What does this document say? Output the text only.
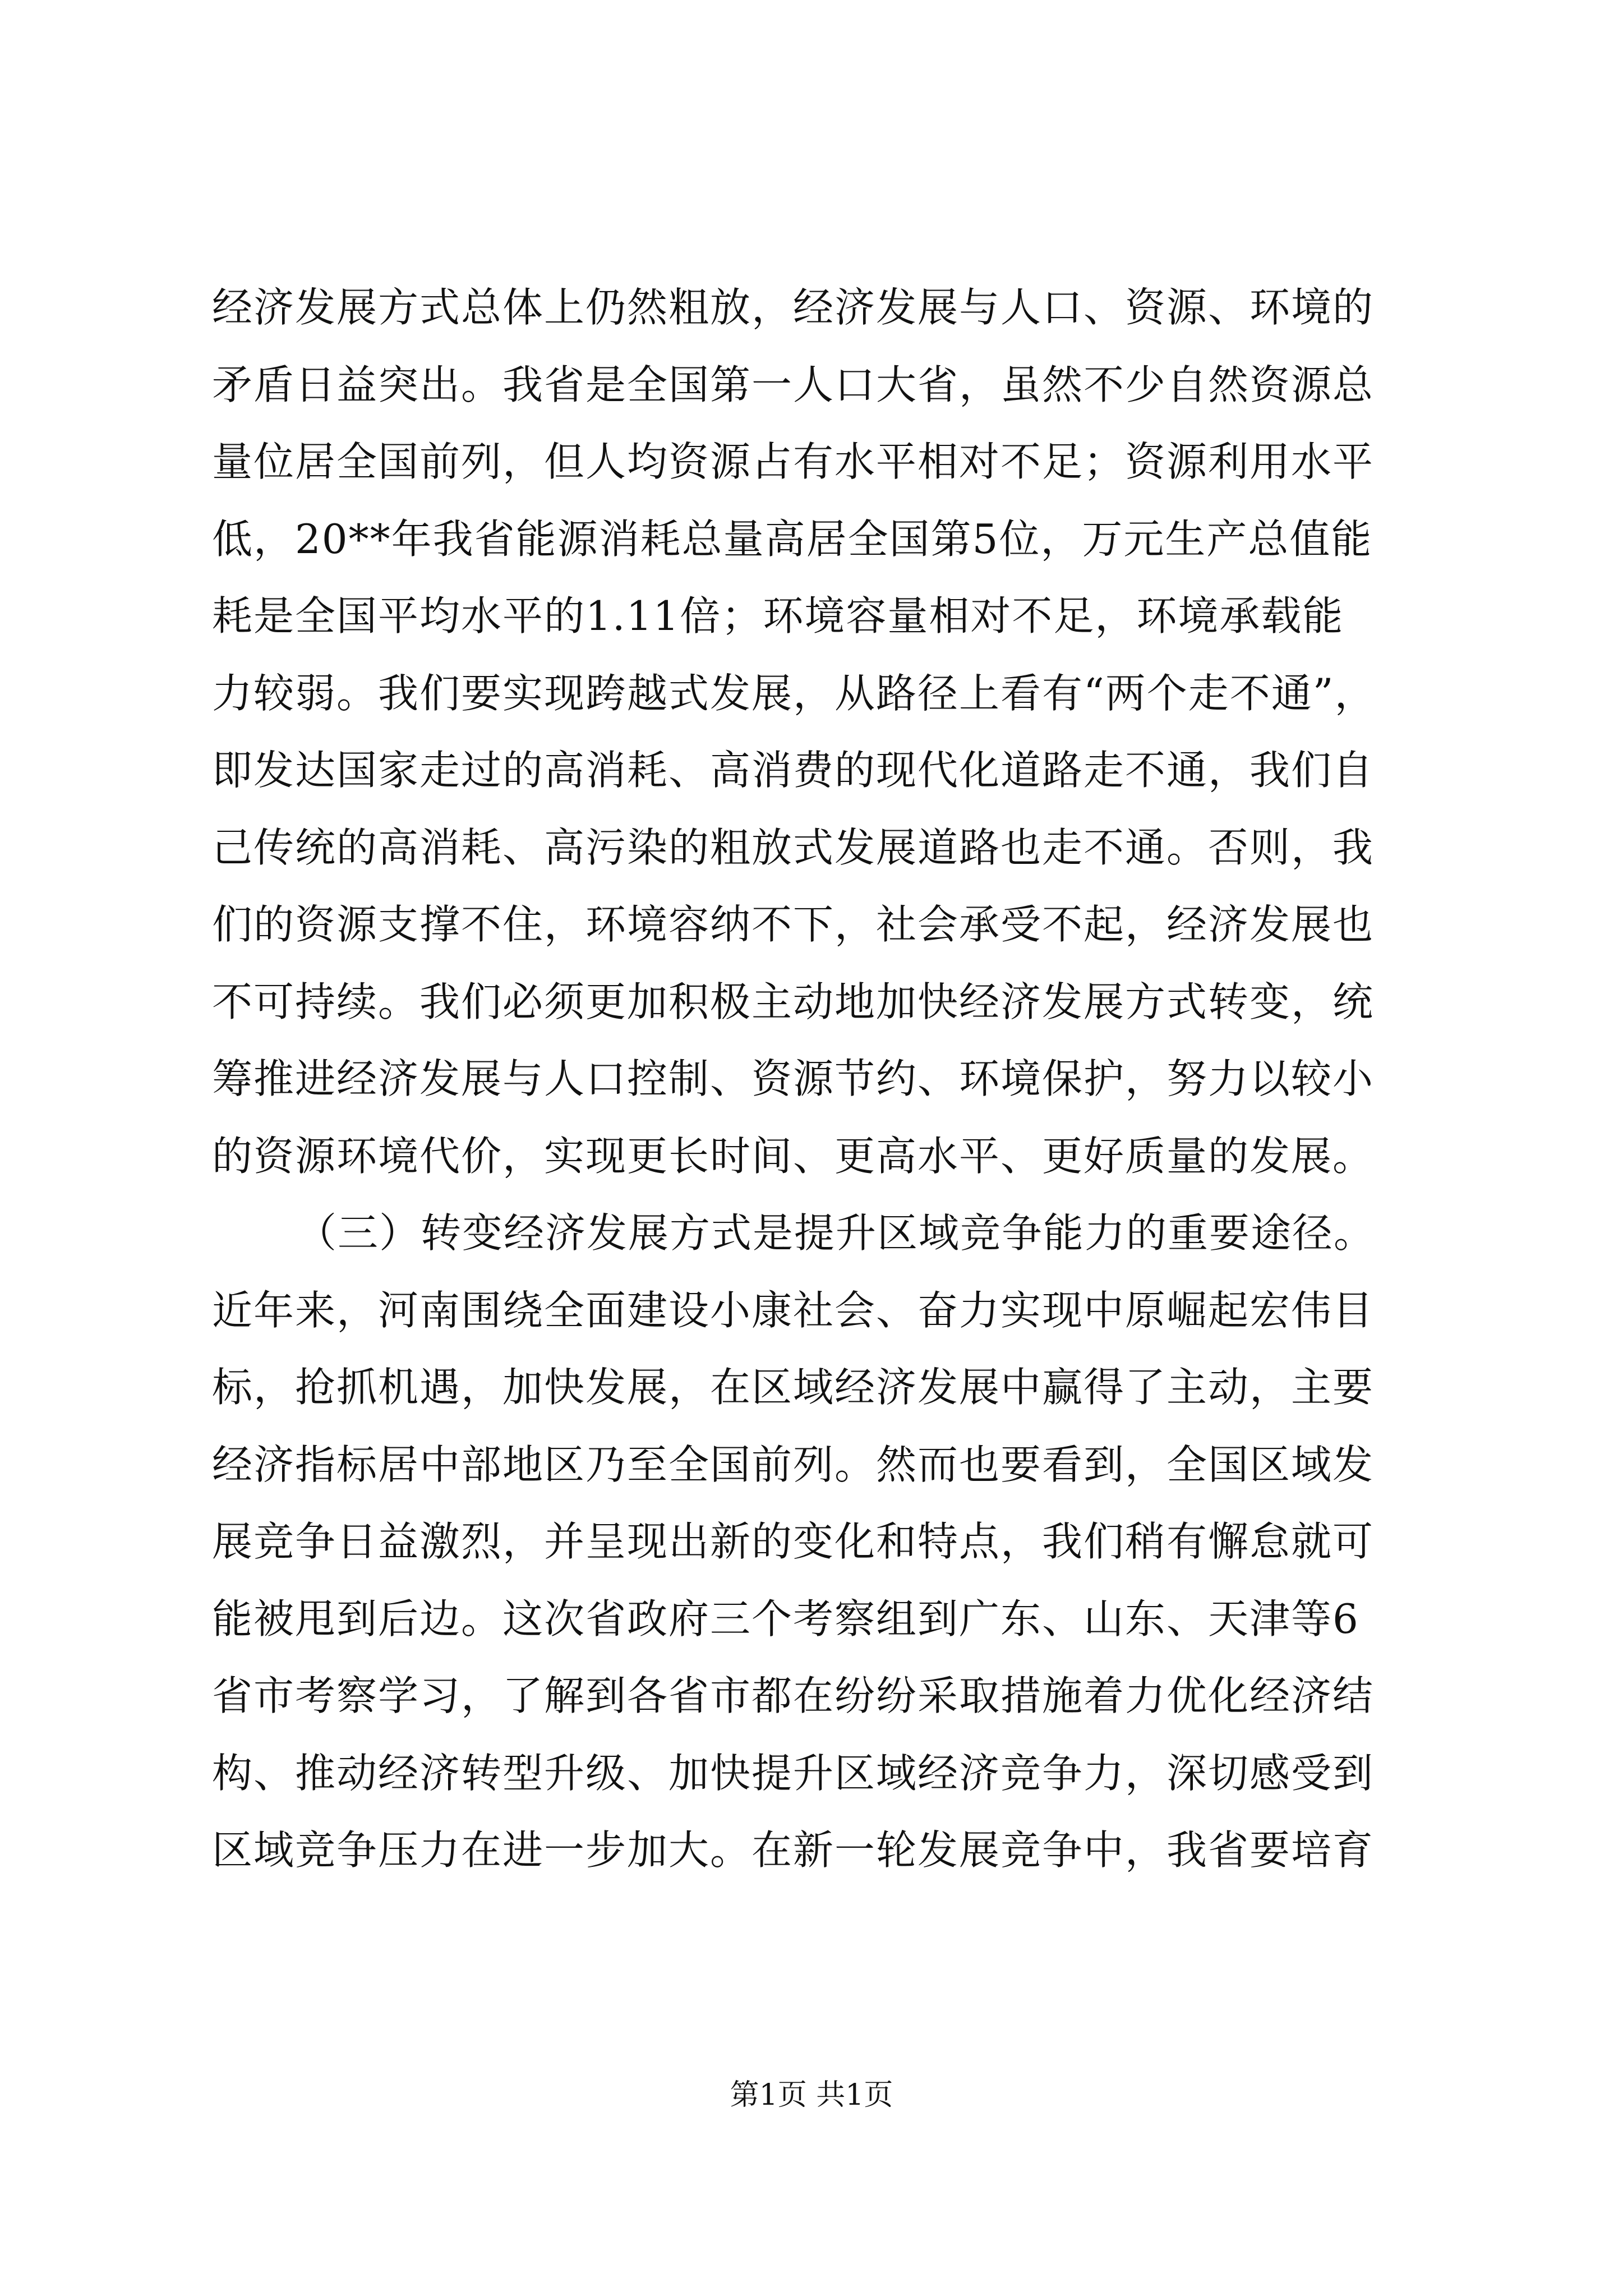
经济发展方式总体上仍然粗放，经济发展与人口、资源、环境的
矛盾日益突出。我省是全国第一人口大省，虽然不少自然资源总
量位居全国前列，但人均资源占有水平相对不足；资源利用水平
低，20**年我省能源消耗总量高居全国第5位，万元生产总值能
耗是全国平均水平的1.11倍；环境容量相对不足，环境承载能
力较弱。我们要实现跨越式发展，从路径上看有“两个走不通”，
即发达国家走过的高消耗、高消费的现代化道路走不通，我们自
己传统的高消耗、高污染的粗放式发展道路也走不通。否则，我
们的资源支撑不住，环境容纳不下，社会承受不起，经济发展也
不可持续。我们必须更加积极主动地加快经济发展方式转变，统
筹推进经济发展与人口控制、资源节约、环境保护，努力以较小
的资源环境代价，实现更长时间、更高水平、更好质量的发展。
（三）转变经济发展方式是提升区域竞争能力的重要途径。
近年来，河南围绕全面建设小康社会、奋力实现中原崛起宏伟目
标，抢抓机遇，加快发展，在区域经济发展中赢得了主动，主要
经济指标居中部地区乃至全国前列。然而也要看到，全国区域发
展竞争日益激烈，并呈现出新的变化和特点，我们稍有懈怠就可
能被甩到后边。这次省政府三个考察组到广东、山东、天津等6
省市考察学习，了解到各省市都在纷纷采取措施着力优化经济结
构、推动经济转型升级、加快提升区域经济竞争力，深切感受到
区域竞争压力在进一步加大。在新一轮发展竞争中，我省要培育
第1页 共1页
